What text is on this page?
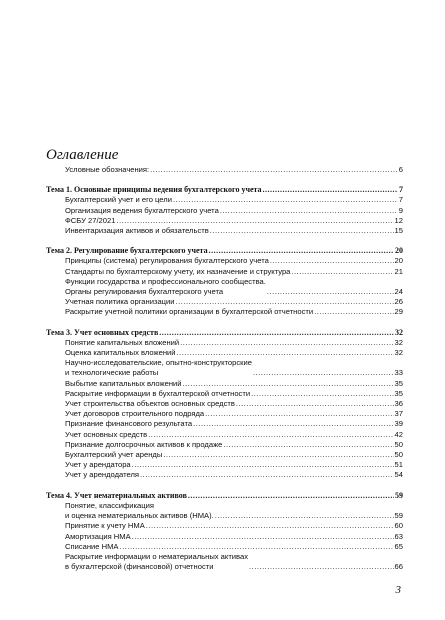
Оглавление
Условные обозначения: .....	6
Тема 1. Основные принципы ведения бухгалтерского учета .....	7
Бухгалтерский учет и его цели .....	7
Организация ведения бухгалтерского учета .....	9
ФСБУ 27/2021 .....	12
Инвентаризация активов и обязательств .....	15
Тема 2. Регулирование бухгалтерского учета .....	20
Принципы (система) регулирования бухгалтерского учета .....	20
Стандарты по бухгалтерскому учету, их назначение и структура .....	21
Функции государства и профессионального сообщества.
Органы регулирования бухгалтерского учета .....	24
Учетная политика организации .....	26
Раскрытие учетной политики организации в бухгалтерской отчетности .....	29
Тема 3. Учет основных средств .....	32
Понятие капитальных вложений .....	32
Оценка капитальных вложений .....	32
Научно-исследовательские, опытно-конструкторские
и технологические работы .....	33
Выбытие капитальных вложений .....	35
Раскрытие информации в бухгалтерской отчетности .....	35
Учет строительства объектов основных средств .....	36
Учет договоров строительного подряда .....	37
Признание финансового результата .....	39
Учет основных средств .....	42
Признание долгосрочных активов к продаже .....	50
Бухгалтерский учет аренды .....	50
Учет у арендатора .....	51
Учет у арендодателя .....	54
Тема 4. Учет нематериальных активов .....	59
Понятие, классификация
и оценка нематериальных активов (НМА). .....	59
Принятие к учету НМА .....	60
Амортизация НМА .....	63
Списание НМА .....	65
Раскрытие информации о нематериальных активах
в бухгалтерской (финансовой) отчетности .....	66
3
